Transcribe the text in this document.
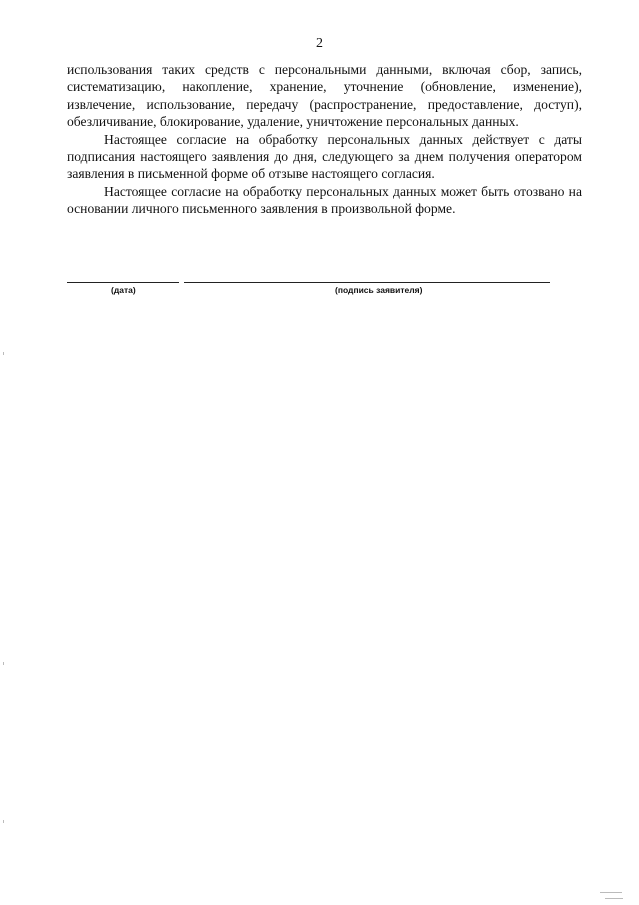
2

использования таких средств с персональными данными, включая сбор, запись, систематизацию, накопление, хранение, уточнение (обновление, изменение), извлечение, использование, передачу (распространение, предоставление, доступ), обезличивание, блокирование, удаление, уничтожение персональных данных.

Настоящее согласие на обработку персональных данных действует с даты подписания настоящего заявления до дня, следующего за днем получения оператором заявления в письменной форме об отзыве настоящего согласия.

Настоящее согласие на обработку персональных данных может быть отозвано на основании личного письменного заявления в произвольной форме.

(дата)	(подпись заявителя)
